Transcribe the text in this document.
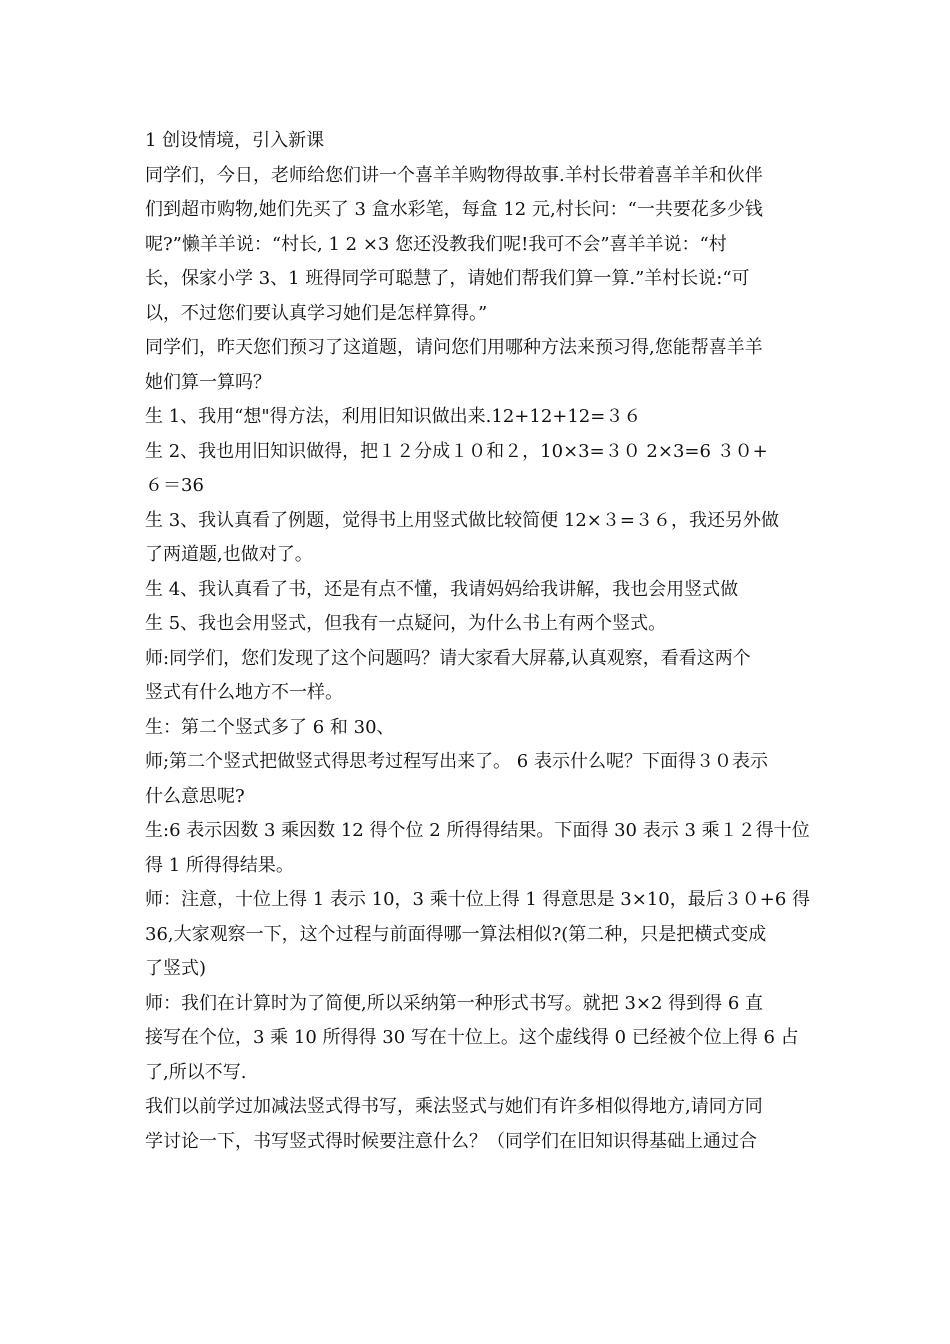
1 创设情境，引入新课
同学们，今日，老师给您们讲一个喜羊羊购物得故事.羊村长带着喜羊羊和伙伴
们到超市购物,她们先买了 3 盒水彩笔，每盒 12 元,村长问：“一共要花多少钱
呢?”懒羊羊说：“村长, 1 2 ×3 您还没教我们呢!我可不会”喜羊羊说：“村
长，保家小学 3、1 班得同学可聪慧了，请她们帮我们算一算.”羊村长说:“可
以，不过您们要认真学习她们是怎样算得。”
同学们，昨天您们预习了这道题，请问您们用哪种方法来预习得,您能帮喜羊羊
她们算一算吗？
生 1、我用“想"得方法，利用旧知识做出来.12+12+12=３６
生 2、我也用旧知识做得，把１２分成１０和２，10×3=３０ 2×3=6 ３０+
６＝36
生 3、我认真看了例题，觉得书上用竖式做比较简便 12×３=３６，我还另外做
了两道题,也做对了。
生 4、我认真看了书，还是有点不懂，我请妈妈给我讲解，我也会用竖式做
生 5、我也会用竖式，但我有一点疑问，为什么书上有两个竖式。
师:同学们，您们发现了这个问题吗？请大家看大屏幕,认真观察，看看这两个
竖式有什么地方不一样。
生：第二个竖式多了 6 和 30、
师;第二个竖式把做竖式得思考过程写出来了。 6 表示什么呢？下面得３０表示
什么意思呢?
生:6 表示因数 3 乘因数 12 得个位 2 所得得结果。下面得 30 表示 3 乘１２得十位
得 1 所得得结果。
师：注意，十位上得 1 表示 10，3 乘十位上得 1 得意思是 3×10，最后３０+6 得
36,大家观察一下，这个过程与前面得哪一算法相似?(第二种，只是把横式变成
了竖式)
师：我们在计算时为了简便,所以采纳第一种形式书写。就把 3×2 得到得 6 直
接写在个位，3 乘 10 所得得 30 写在十位上。这个虚线得 0 已经被个位上得 6 占
了,所以不写.
我们以前学过加减法竖式得书写，乘法竖式与她们有许多相似得地方,请同方同
学讨论一下，书写竖式得时候要注意什么？（同学们在旧知识得基础上通过合
